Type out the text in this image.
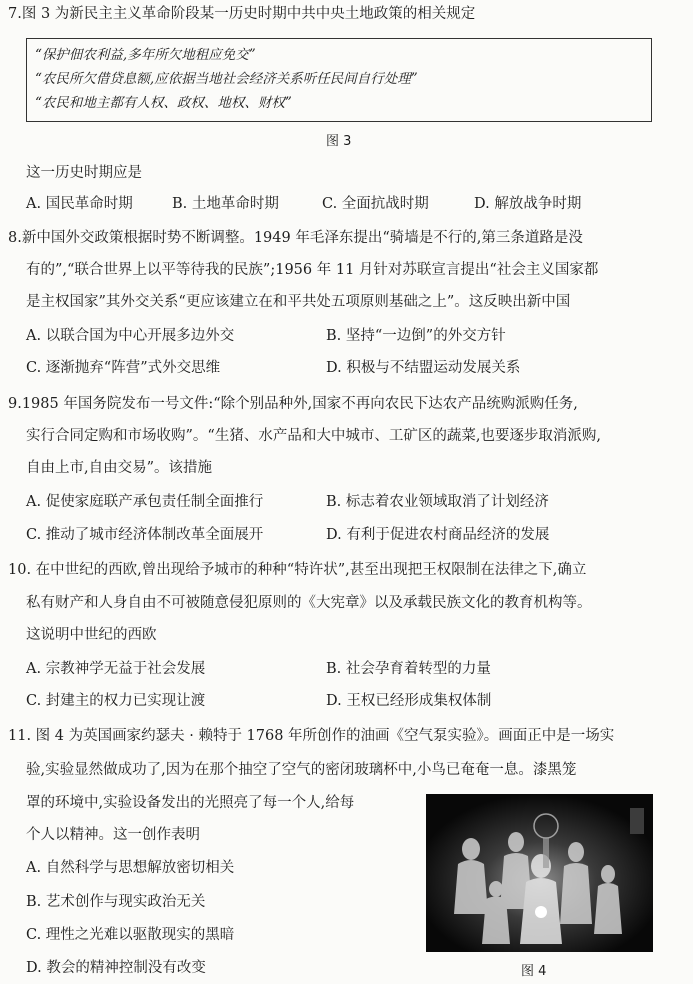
7.图 3 为新民主主义革命阶段某一历史时期中共中央土地政策的相关规定
“保护佃农利益,多年所欠地租应免交”
“农民所欠借贷息额,应依据当地社会经济关系听任民间自行处理”
“农民和地主都有人权、政权、地权、财权”
图 3
这一历史时期应是
A. 国民革命时期	B. 土地革命时期	C. 全面抗战时期	D. 解放战争时期
8.新中国外交政策根据时势不断调整。1949 年毛泽东提出“骑墙是不行的,第三条道路是没
有的”,“联合世界上以平等待我的民族”;1956 年 11 月针对苏联宣言提出“社会主义国家都
是主权国家”其外交关系“更应该建立在和平共处五项原则基础之上”。这反映出新中国
A. 以联合国为中心开展多边外交	B. 坚持“一边倒”的外交方针
C. 逐渐抛弃“阵营”式外交思维	D. 积极与不结盟运动发展关系
9.1985 年国务院发布一号文件:“除个别品种外,国家不再向农民下达农产品统购派购任务,
实行合同定购和市场收购”。“生猪、水产品和大中城市、工矿区的蔬菜,也要逐步取消派购,
自由上市,自由交易”。该措施
A. 促使家庭联产承包责任制全面推行	B. 标志着农业领域取消了计划经济
C. 推动了城市经济体制改革全面展开	D. 有利于促进农村商品经济的发展
10. 在中世纪的西欧,曾出现给予城市的种种“特许状”,甚至出现把王权限制在法律之下,确立
私有财产和人身自由不可被随意侵犯原则的《大宪章》以及承载民族文化的教育机构等。
这说明中世纪的西欧
A. 宗教神学无益于社会发展	B. 社会孕育着转型的力量
C. 封建主的权力已实现让渡	D. 王权已经形成集权体制
11. 图 4 为英国画家约瑟夫 · 赖特于 1768 年所创作的油画《空气泵实验》。画面正中是一场实
验,实验显然做成功了,因为在那个抽空了空气的密闭玻璃杯中,小鸟已奄奄一息。漆黑笼
罩的环境中,实验设备发出的光照亮了每一个人,给每
个人以精神。这一创作表明
A. 自然科学与思想解放密切相关
B. 艺术创作与现实政治无关
C. 理性之光难以驱散现实的黑暗
D. 教会的精神控制没有改变	图 4
